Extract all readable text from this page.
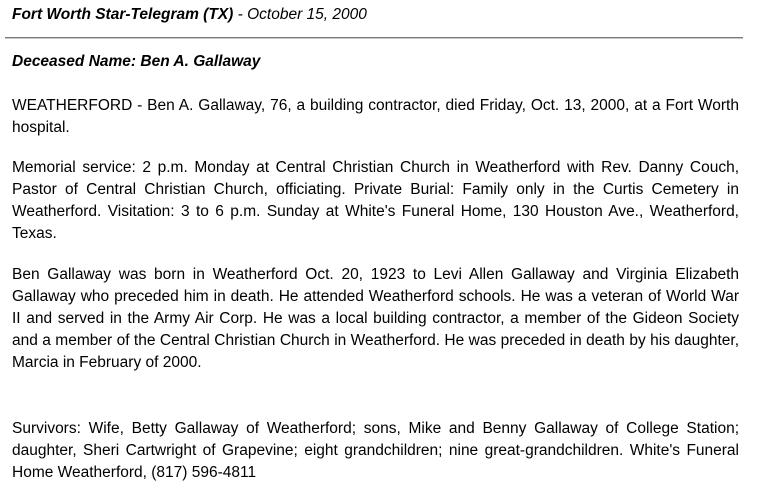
Fort Worth Star-Telegram (TX) - October 15, 2000
Deceased Name: Ben A. Gallaway

WEATHERFORD - Ben A. Gallaway, 76, a building contractor, died Friday, Oct. 13, 2000, at a Fort Worth hospital.

Memorial service: 2 p.m. Monday at Central Christian Church in Weatherford with Rev. Danny Couch, Pastor of Central Christian Church, officiating. Private Burial: Family only in the Curtis Cemetery in Weatherford. Visitation: 3 to 6 p.m. Sunday at White's Funeral Home, 130 Houston Ave., Weatherford, Texas.

Ben Gallaway was born in Weatherford Oct. 20, 1923 to Levi Allen Gallaway and Virginia Elizabeth Gallaway who preceded him in death. He attended Weatherford schools. He was a veteran of World War II and served in the Army Air Corp. He was a local building contractor, a member of the Gideon Society and a member of the Central Christian Church in Weatherford. He was preceded in death by his daughter, Marcia in February of 2000.

Survivors: Wife, Betty Gallaway of Weatherford; sons, Mike and Benny Gallaway of College Station; daughter, Sheri Cartwright of Grapevine; eight grandchildren; nine great-grandchildren. White's Funeral Home Weatherford, (817) 596-4811
